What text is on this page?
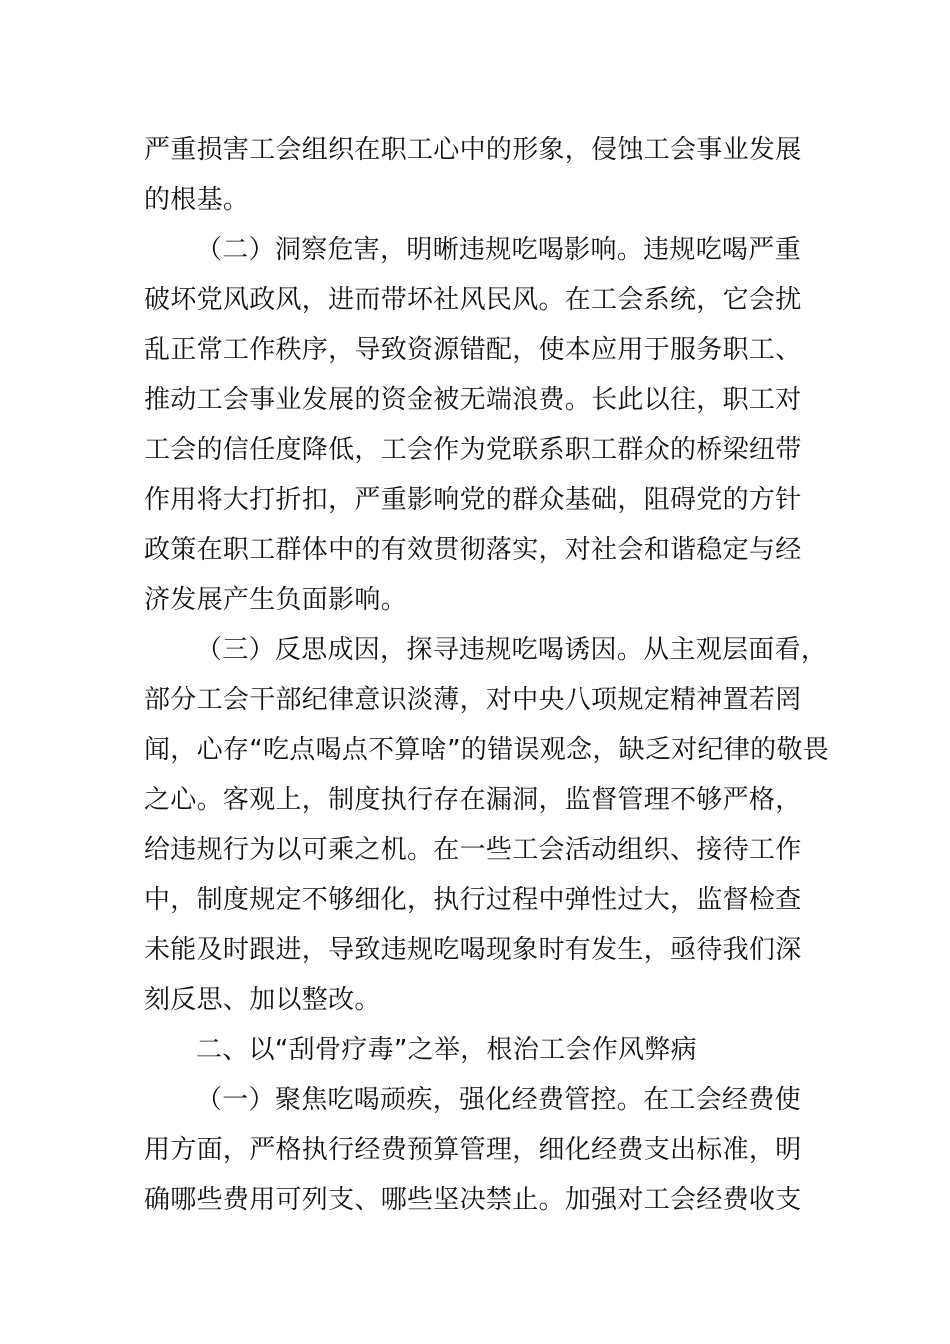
严重损害工会组织在职工心中的形象，侵蚀工会事业发展
的根基。
（二）洞察危害，明晰违规吃喝影响。违规吃喝严重
破坏党风政风，进而带坏社风民风。在工会系统，它会扰
乱正常工作秩序，导致资源错配，使本应用于服务职工、
推动工会事业发展的资金被无端浪费。长此以往，职工对
工会的信任度降低，工会作为党联系职工群众的桥梁纽带
作用将大打折扣，严重影响党的群众基础，阻碍党的方针
政策在职工群体中的有效贯彻落实，对社会和谐稳定与经
济发展产生负面影响。
（三）反思成因，探寻违规吃喝诱因。从主观层面看，
部分工会干部纪律意识淡薄，对中央八项规定精神置若罔
闻，心存“吃点喝点不算啥”的错误观念，缺乏对纪律的敬畏
之心。客观上，制度执行存在漏洞，监督管理不够严格，
给违规行为以可乘之机。在一些工会活动组织、接待工作
中，制度规定不够细化，执行过程中弹性过大，监督检查
未能及时跟进，导致违规吃喝现象时有发生，亟待我们深
刻反思、加以整改。
二、以“刮骨疗毒”之举，根治工会作风弊病
（一）聚焦吃喝顽疾，强化经费管控。在工会经费使
用方面，严格执行经费预算管理，细化经费支出标准，明
确哪些费用可列支、哪些坚决禁止。加强对工会经费收支
